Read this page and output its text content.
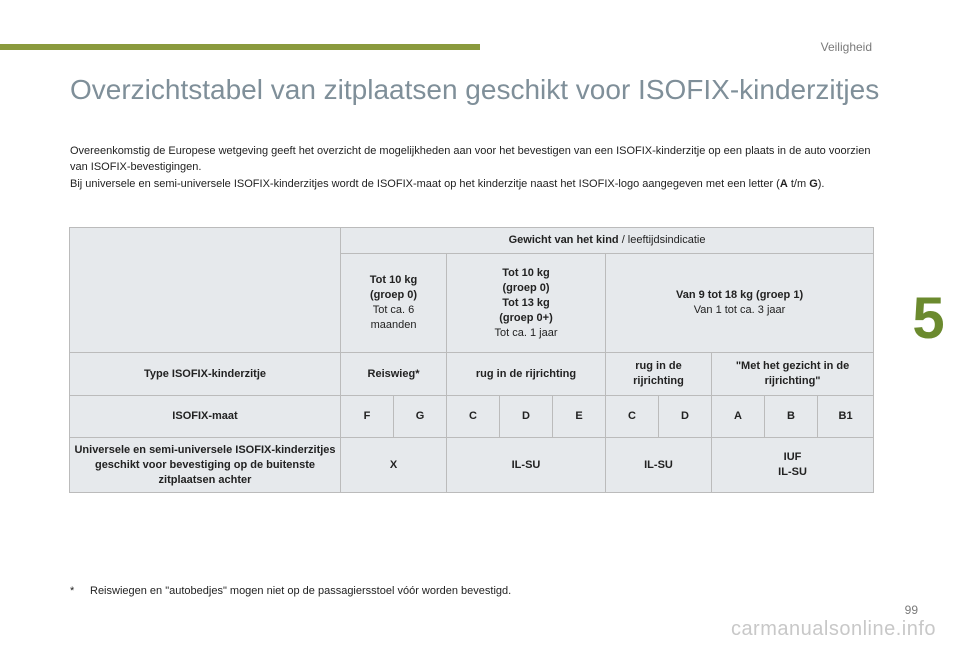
Veiligheid
Overzichtstabel van zitplaatsen geschikt voor ISOFIX-kinderzitjes

Overeenkomstig de Europese wetgeving geeft het overzicht de mogelijkheden aan voor het bevestigen van een ISOFIX-kinderzitje op een plaats in de auto voorzien van ISOFIX-bevestigingen.

Bij universele en semi-universele ISOFIX-kinderzitjes wordt de ISOFIX-maat op het kinderzitje naast het ISOFIX-logo aangegeven met een letter (A t/m G).

5
	Gewicht van het kind / leeftijdsindicatie									
	Tot 10 kg
(groep 0)
Tot ca. 6
maanden		Tot 10 kg
(groep 0)
Tot 13 kg
(groep 0+)
Tot ca. 1 jaar			Van 9 tot 18 kg (groep 1)
Van 1 tot ca. 3 jaar				
Type ISOFIX-kinderzitje	Reiswieg*		rug in de rijrichting			rug in de rijrichting		"Met het gezicht in de rijrichting"		
ISOFIX-maat	F	G	C	D	E	C	D	A	B	B1
Universele en semi-universele ISOFIX-kinderzitjes geschikt voor bevestiging op de buitenste zitplaatsen achter	X		IL-SU			IL-SU		IUF
IL-SU		
* Reiswiegen en "autobedjes" mogen niet op de passagiersstoel vóór worden bevestigd.
99
carmanualsonline.info
